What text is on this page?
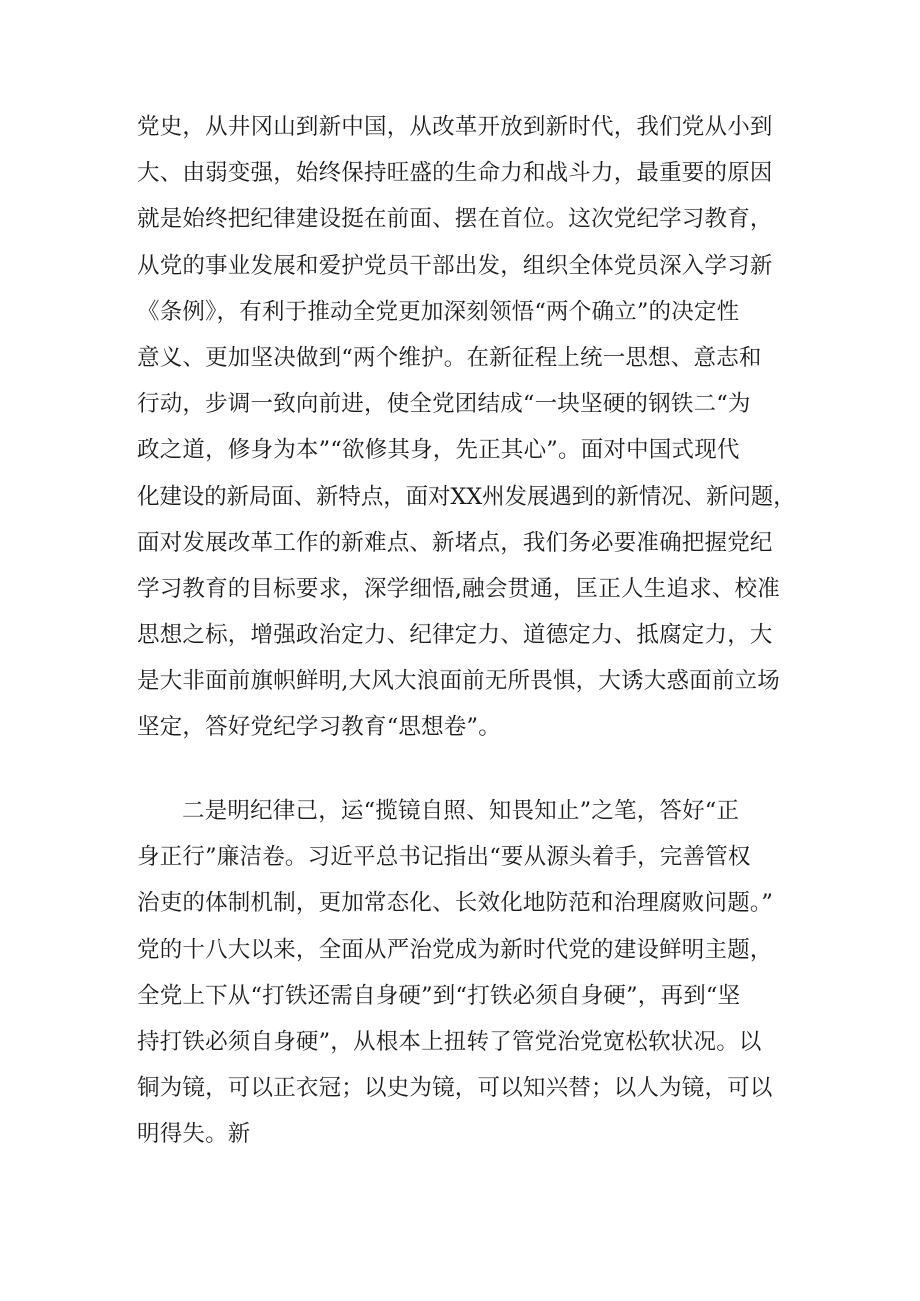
党史，从井冈山到新中国，从改革开放到新时代，我们党从小到
大、由弱变强，始终保持旺盛的生命力和战斗力，最重要的原因
就是始终把纪律建设挺在前面、摆在首位。这次党纪学习教育，
从党的事业发展和爱护党员干部出发，组织全体党员深入学习新
《条例》，有利于推动全党更加深刻领悟“两个确立”的决定性
意义、更加坚决做到“两个维护。在新征程上统一思想、意志和
行动，步调一致向前进，使全党团结成“一块坚硬的钢铁二“为
政之道，修身为本”“欲修其身，先正其心”。面对中国式现代
化建设的新局面、新特点，面对XX州发展遇到的新情况、新问题，
面对发展改革工作的新难点、新堵点，我们务必要准确把握党纪
学习教育的目标要求，深学细悟,融会贯通，匡正人生追求、校准
思想之标，增强政治定力、纪律定力、道德定力、抵腐定力，大
是大非面前旗帜鲜明,大风大浪面前无所畏惧，大诱大惑面前立场
坚定，答好党纪学习教育“思想卷”。
二是明纪律己，运“揽镜自照、知畏知止”之笔，答好“正
身正行”廉洁卷。习近平总书记指出“要从源头着手，完善管权
治吏的体制机制，更加常态化、长效化地防范和治理腐败问题。”
党的十八大以来，全面从严治党成为新时代党的建设鲜明主题，
全党上下从“打铁还需自身硬”到“打铁必须自身硬”，再到“坚
持打铁必须自身硬”，从根本上扭转了管党治党宽松软状况。以
铜为镜，可以正衣冠；以史为镜，可以知兴替；以人为镜，可以
明得失。新
